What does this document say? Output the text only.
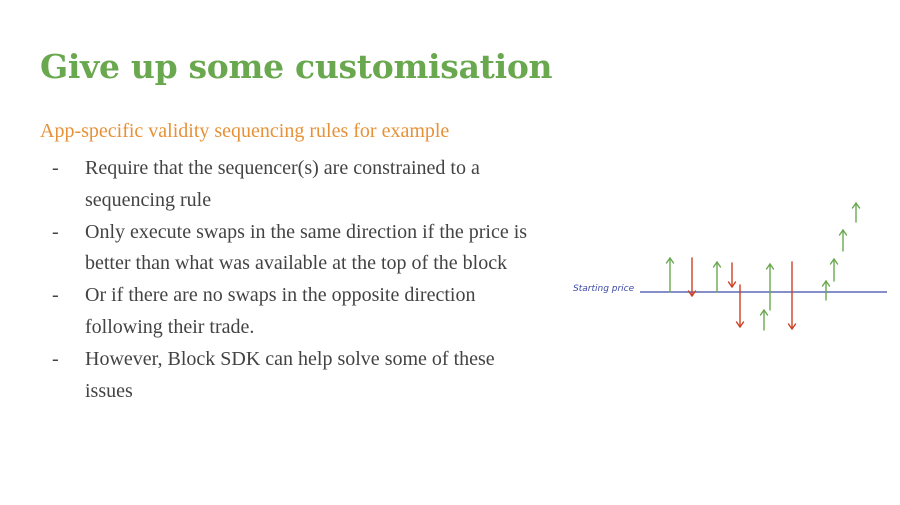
Give up some customisation
App-specific validity sequencing rules for example
- Require that the sequencer(s) are constrained to a sequencing rule
- Only execute swaps in the same direction if the price is better than what was available at the top of the block
- Or if there are no swaps in the opposite direction following their trade.
- However, Block SDK can help solve some of these issues
Starting price
